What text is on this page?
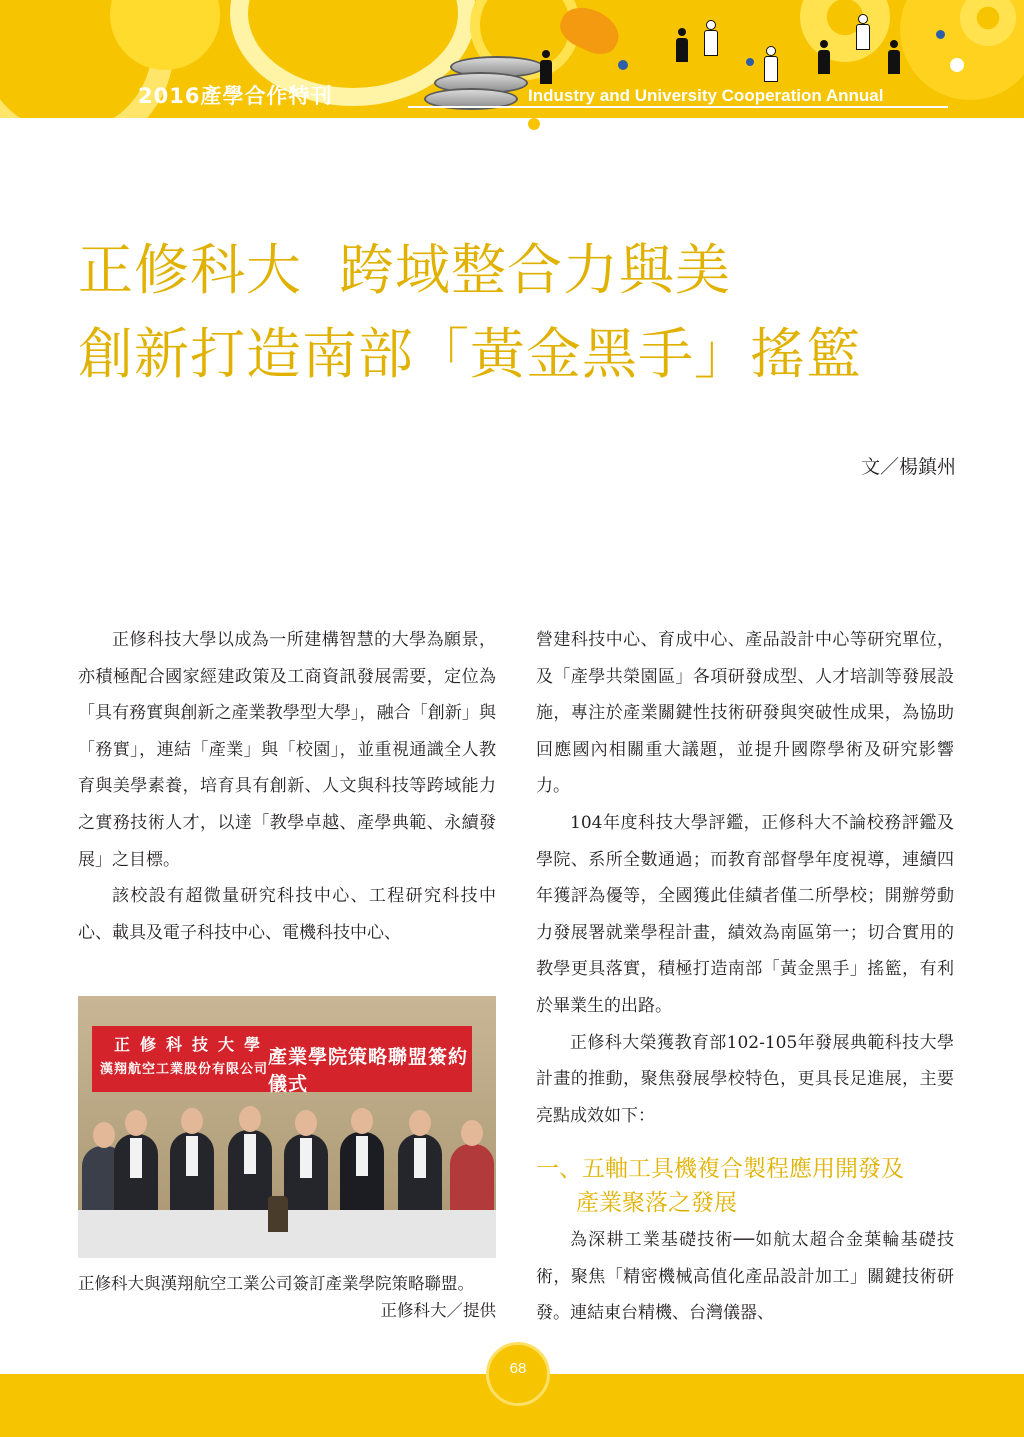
2016產學合作特刊	Industry and University Cooperation Annual
正修科大  跨域整合力與美
創新打造南部「黃金黑手」搖籃
文／楊鎮州

正修科技大學以成為一所建構智慧的大學為願景，亦積極配合國家經建政策及工商資訊發展需要，定位為「具有務實與創新之產業教學型大學」，融合「創新」與「務實」，連結「產業」與「校園」，並重視通識全人教育與美學素養，培育具有創新、人文與科技等跨域能力之實務技術人才，以達「教學卓越、產學典範、永續發展」之目標。

該校設有超微量研究科技中心、工程研究科技中心、載具及電子科技中心、電機科技中心、

正修科技大學
漢翔航空工業股份有限公司
產業學院策略聯盟簽約儀式
正修科大與漢翔航空工業公司簽訂產業學院策略聯盟。
正修科大／提供

營建科技中心、育成中心、產品設計中心等研究單位，及「產學共榮園區」各項研發成型、人才培訓等發展設施，專注於產業關鍵性技術研發與突破性成果，為協助回應國內相關重大議題，並提升國際學術及研究影響力。

104年度科技大學評鑑，正修科大不論校務評鑑及學院、系所全數通過；而教育部督學年度視導，連續四年獲評為優等，全國獲此佳績者僅二所學校；開辦勞動力發展署就業學程計畫，績效為南區第一；切合實用的教學更具落實，積極打造南部「黃金黑手」搖籃，有利於畢業生的出路。

正修科大榮獲教育部102-105年發展典範科技大學計畫的推動，聚焦發展學校特色，更具長足進展，主要亮點成效如下：

一、五軸工具機複合製程應用開發及
產業聚落之發展

為深耕工業基礎技術──如航太超合金葉輪基礎技術，聚焦「精密機械高值化產品設計加工」關鍵技術研發。連結東台精機、台灣儀器、

68
